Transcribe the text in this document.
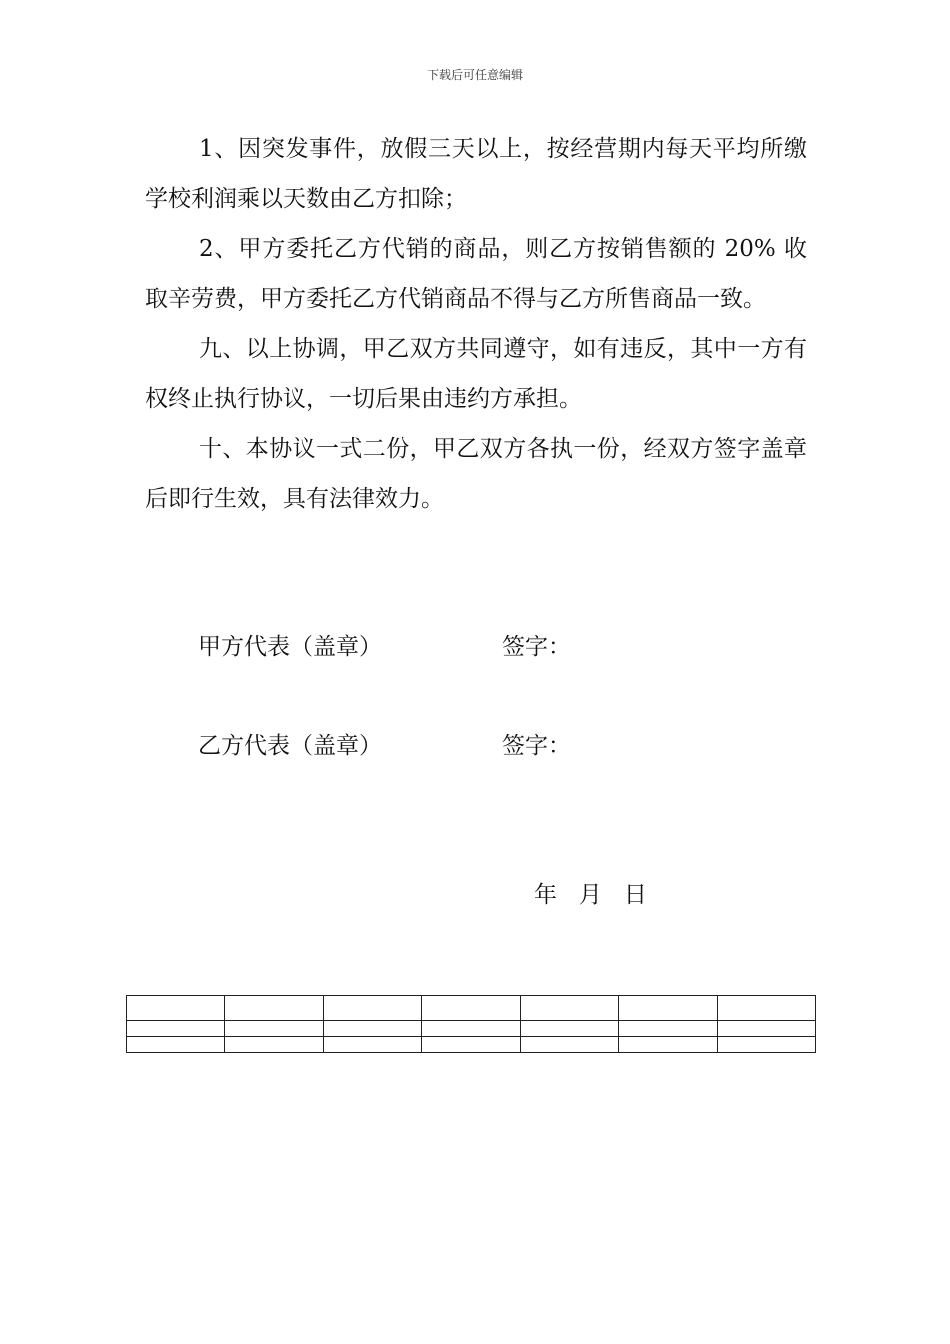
下载后可任意编辑

1、因突发事件，放假三天以上，按经营期内每天平均所缴学校利润乘以天数由乙方扣除；

2、甲方委托乙方代销的商品，则乙方按销售额的 20% 收取辛劳费，甲方委托乙方代销商品不得与乙方所售商品一致。

九、以上协调，甲乙双方共同遵守，如有违反，其中一方有权终止执行协议，一切后果由违约方承担。

十、本协议一式二份，甲乙双方各执一份，经双方签字盖章后即行生效，具有法律效力。

甲方代表（盖章）	签字：
乙方代表（盖章）	签字：
年   月   日
